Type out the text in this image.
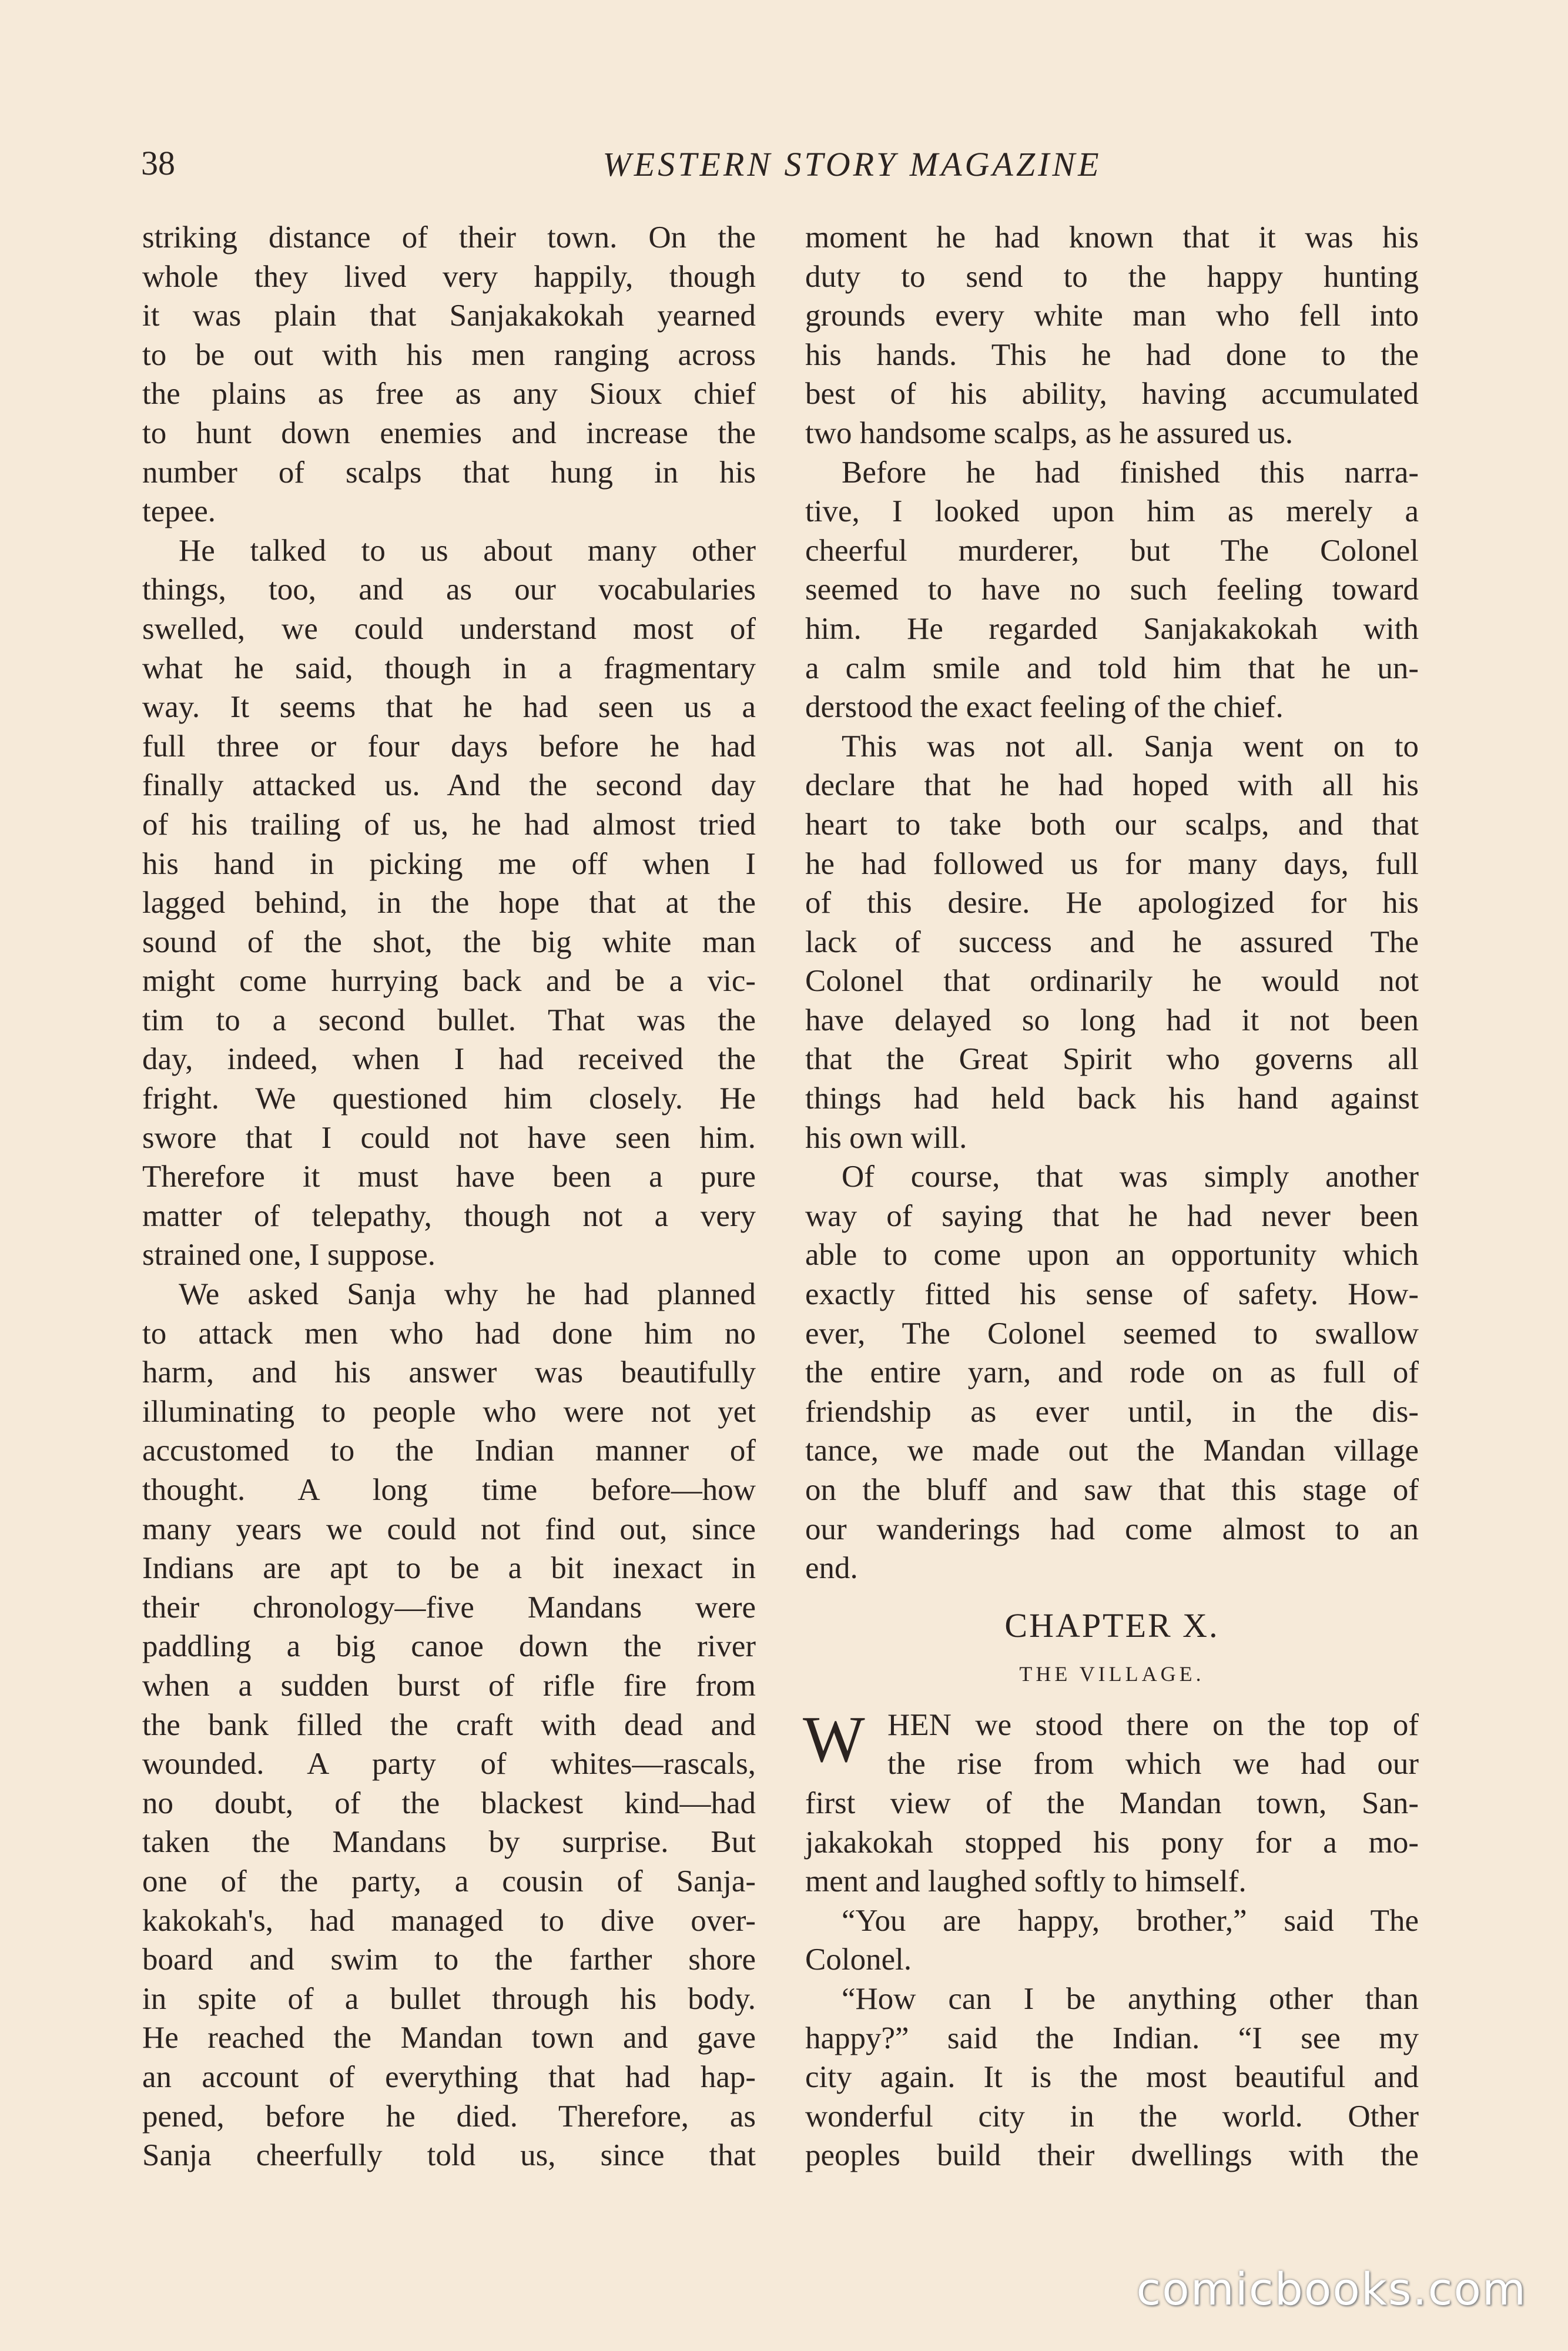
38	WESTERN STORY MAGAZINE
striking distance of their town. On the
whole they lived very happily, though
it was plain that Sanjakakokah yearned
to be out with his men ranging across
the plains as free as any Sioux chief
to hunt down enemies and increase the
number of scalps that hung in his
tepee.
He talked to us about many other
things, too, and as our vocabularies
swelled, we could understand most of
what he said, though in a fragmentary
way. It seems that he had seen us a
full three or four days before he had
finally attacked us. And the second day
of his trailing of us, he had almost tried
his hand in picking me off when I
lagged behind, in the hope that at the
sound of the shot, the big white man
might come hurrying back and be a vic-
tim to a second bullet. That was the
day, indeed, when I had received the
fright. We questioned him closely. He
swore that I could not have seen him.
Therefore it must have been a pure
matter of telepathy, though not a very
strained one, I suppose.
We asked Sanja why he had planned
to attack men who had done him no
harm, and his answer was beautifully
illuminating to people who were not yet
accustomed to the Indian manner of
thought. A long time before—how
many years we could not find out, since
Indians are apt to be a bit inexact in
their chronology—five Mandans were
paddling a big canoe down the river
when a sudden burst of rifle fire from
the bank filled the craft with dead and
wounded. A party of whites—rascals,
no doubt, of the blackest kind—had
taken the Mandans by surprise. But
one of the party, a cousin of Sanja-
kakokah's, had managed to dive over-
board and swim to the farther shore
in spite of a bullet through his body.
He reached the Mandan town and gave
an account of everything that had hap-
pened, before he died. Therefore, as
Sanja cheerfully told us, since that
moment he had known that it was his
duty to send to the happy hunting
grounds every white man who fell into
his hands. This he had done to the
best of his ability, having accumulated
two handsome scalps, as he assured us.
Before he had finished this narra-
tive, I looked upon him as merely a
cheerful murderer, but The Colonel
seemed to have no such feeling toward
him. He regarded Sanjakakokah with
a calm smile and told him that he un-
derstood the exact feeling of the chief.
This was not all. Sanja went on to
declare that he had hoped with all his
heart to take both our scalps, and that
he had followed us for many days, full
of this desire. He apologized for his
lack of success and he assured The
Colonel that ordinarily he would not
have delayed so long had it not been
that the Great Spirit who governs all
things had held back his hand against
his own will.
Of course, that was simply another
way of saying that he had never been
able to come upon an opportunity which
exactly fitted his sense of safety. How-
ever, The Colonel seemed to swallow
the entire yarn, and rode on as full of
friendship as ever until, in the dis-
tance, we made out the Mandan village
on the bluff and saw that this stage of
our wanderings had come almost to an
end.
CHAPTER X.
THE VILLAGE.
W HEN we stood there on the top of
the rise from which we had our
first view of the Mandan town, San-
jakakokah stopped his pony for a mo-
ment and laughed softly to himself.
“You are happy, brother,” said The
Colonel.
“How can I be anything other than
happy?” said the Indian. “I see my
city again. It is the most beautiful and
wonderful city in the world. Other
peoples build their dwellings with the
comicbooks.com
